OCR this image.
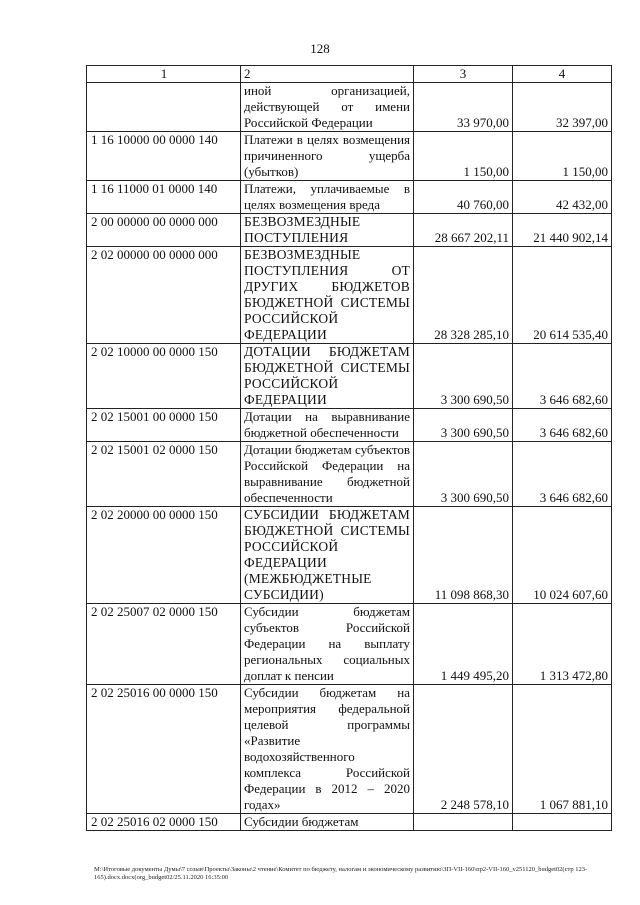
128
1	2	3	4
	иной организацией, действующей от имени Российской Федерации	33 970,00	32 397,00
1 16 10000 00 0000 140	Платежи в целях возмещения причиненного ущерба (убытков)	1 150,00	1 150,00
1 16 11000 01 0000 140	Платежи, уплачиваемые в целях возмещения вреда	40 760,00	42 432,00
2 00 00000 00 0000 000	БЕЗВОЗМЕЗДНЫЕ ПОСТУПЛЕНИЯ	28 667 202,11	21 440 902,14
2 02 00000 00 0000 000	БЕЗВОЗМЕЗДНЫЕ ПОСТУПЛЕНИЯ ОТ ДРУГИХ БЮДЖЕТОВ БЮДЖЕТНОЙ СИСТЕМЫ РОССИЙСКОЙ ФЕДЕРАЦИИ	28 328 285,10	20 614 535,40
2 02 10000 00 0000 150	ДОТАЦИИ БЮДЖЕТАМ БЮДЖЕТНОЙ СИСТЕМЫ РОССИЙСКОЙ ФЕДЕРАЦИИ	3 300 690,50	3 646 682,60
2 02 15001 00 0000 150	Дотации на выравнивание бюджетной обеспеченности	3 300 690,50	3 646 682,60
2 02 15001 02 0000 150	Дотации бюджетам субъектов Российской Федерации на выравнивание бюджетной обеспеченности	3 300 690,50	3 646 682,60
2 02 20000 00 0000 150	СУБСИДИИ БЮДЖЕТАМ БЮДЖЕТНОЙ СИСТЕМЫ РОССИЙСКОЙ ФЕДЕРАЦИИ (МЕЖБЮДЖЕТНЫЕ СУБСИДИИ)	11 098 868,30	10 024 607,60
2 02 25007 02 0000 150	Субсидии бюджетам субъектов Российской Федерации на выплату региональных социальных доплат к пенсии	1 449 495,20	1 313 472,80
2 02 25016 00 0000 150	Субсидии бюджетам на мероприятия федеральной целевой программы «Развитие водохозяйственного комплекса Российской Федерации в 2012 – 2020 годах»	2 248 578,10	1 067 881,10
2 02 25016 02 0000 150	Субсидии бюджетам		
M:\Итоговые документы Думы\7 созыв\Проекты\Законы\2 чтение\Комитет по бюджету, налогам и экономическому развитию\ЗП-VII-160\пр2-VII-160_v251120_budget02(стр 123-165).docx.docx(org_budget02/25.11.2020 16:35:00
